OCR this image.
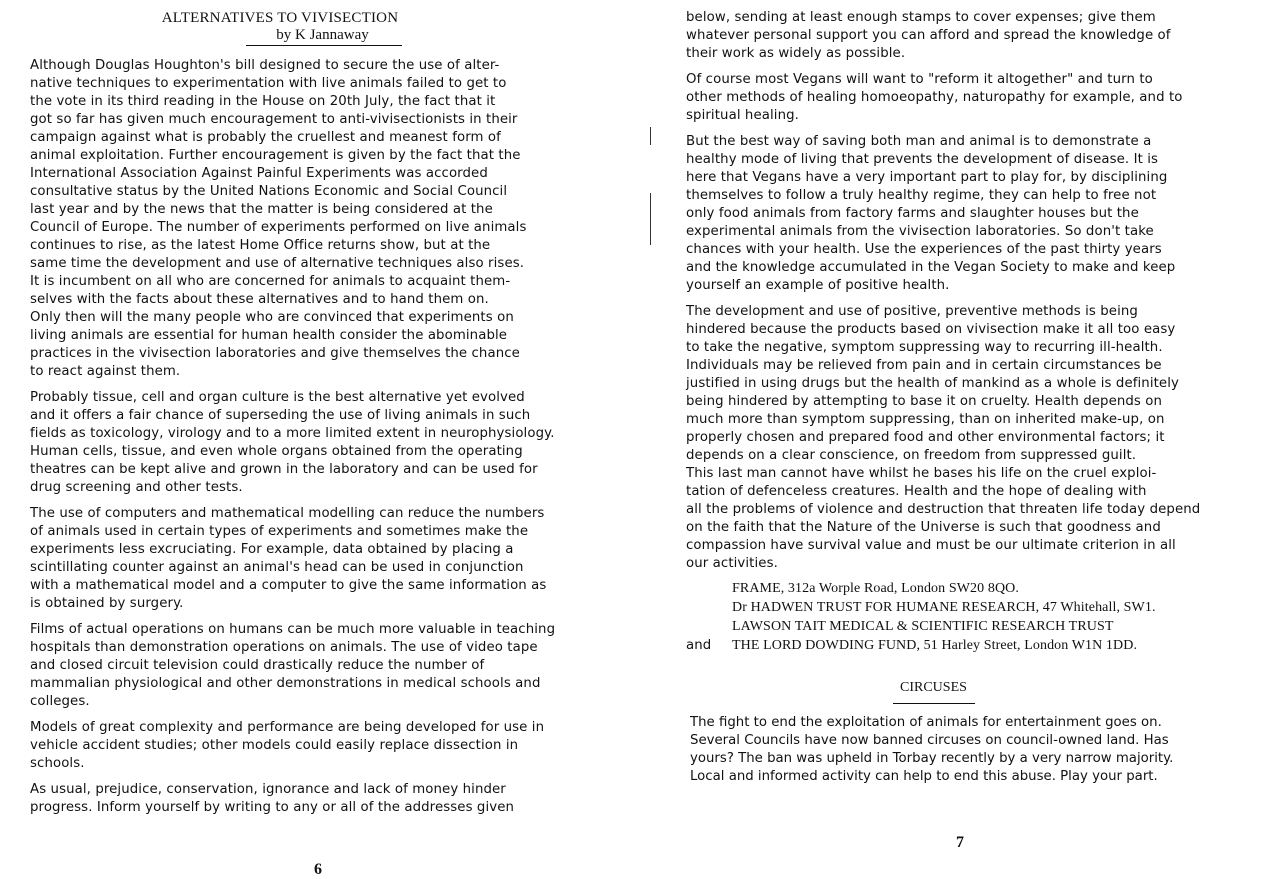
ALTERNATIVES TO VIVISECTION
by K Jannaway

Although Douglas Houghton's bill designed to secure the use of alter-
native techniques to experimentation with live animals failed to get to
the vote in its third reading in the House on 20th July, the fact that it
got so far has given much encouragement to anti-vivisectionists in their
campaign against what is probably the cruellest and meanest form of
animal exploitation. Further encouragement is given by the fact that the
International Association Against Painful Experiments was accorded
consultative status by the United Nations Economic and Social Council
last year and by the news that the matter is being considered at the
Council of Europe. The number of experiments performed on live animals
continues to rise, as the latest Home Office returns show, but at the
same time the development and use of alternative techniques also rises.
It is incumbent on all who are concerned for animals to acquaint them-
selves with the facts about these alternatives and to hand them on.
Only then will the many people who are convinced that experiments on
living animals are essential for human health consider the abominable
practices in the vivisection laboratories and give themselves the chance
to react against them.

Probably tissue, cell and organ culture is the best alternative yet evolved
and it offers a fair chance of superseding the use of living animals in such
fields as toxicology, virology and to a more limited extent in neurophysiology.
Human cells, tissue, and even whole organs obtained from the operating
theatres can be kept alive and grown in the laboratory and can be used for
drug screening and other tests.

The use of computers and mathematical modelling can reduce the numbers
of animals used in certain types of experiments and sometimes make the
experiments less excruciating. For example, data obtained by placing a
scintillating counter against an animal's head can be used in conjunction
with a mathematical model and a computer to give the same information as
is obtained by surgery.

Films of actual operations on humans can be much more valuable in teaching
hospitals than demonstration operations on animals. The use of video tape
and closed circuit television could drastically reduce the number of
mammalian physiological and other demonstrations in medical schools and
colleges.

Models of great complexity and performance are being developed for use in
vehicle accident studies; other models could easily replace dissection in
schools.

As usual, prejudice, conservation, ignorance and lack of money hinder
progress. Inform yourself by writing to any or all of the addresses given

6

below, sending at least enough stamps to cover expenses; give them
whatever personal support you can afford and spread the knowledge of
their work as widely as possible.

Of course most Vegans will want to "reform it altogether" and turn to
other methods of healing homoeopathy, naturopathy for example, and to
spiritual healing.

But the best way of saving both man and animal is to demonstrate a
healthy mode of living that prevents the development of disease. It is
here that Vegans have a very important part to play for, by disciplining
themselves to follow a truly healthy regime, they can help to free not
only food animals from factory farms and slaughter houses but the
experimental animals from the vivisection laboratories. So don't take
chances with your health. Use the experiences of the past thirty years
and the knowledge accumulated in the Vegan Society to make and keep
yourself an example of positive health.

The development and use of positive, preventive methods is being
hindered because the products based on vivisection make it all too easy
to take the negative, symptom suppressing way to recurring ill-health.
Individuals may be relieved from pain and in certain circumstances be
justified in using drugs but the health of mankind as a whole is definitely
being hindered by attempting to base it on cruelty. Health depends on
much more than symptom suppressing, than on inherited make-up, on
properly chosen and prepared food and other environmental factors; it
depends on a clear conscience, on freedom from suppressed guilt.
This last man cannot have whilst he bases his life on the cruel exploi-
tation of defenceless creatures. Health and the hope of dealing with
all the problems of violence and destruction that threaten life today depend
on the faith that the Nature of the Universe is such that goodness and
compassion have survival value and must be our ultimate criterion in all
our activities.

FRAME, 312a Worple Road, London SW20 8QO.
Dr HADWEN TRUST FOR HUMANE RESEARCH, 47 Whitehall, SW1.
LAWSON TAIT MEDICAL & SCIENTIFIC RESEARCH TRUST
and	THE LORD DOWDING FUND, 51 Harley Street, London W1N 1DD.
CIRCUSES
The fight to end the exploitation of animals for entertainment goes on.
Several Councils have now banned circuses on council-owned land. Has
yours? The ban was upheld in Torbay recently by a very narrow majority.
Local and informed activity can help to end this abuse. Play your part.
7
